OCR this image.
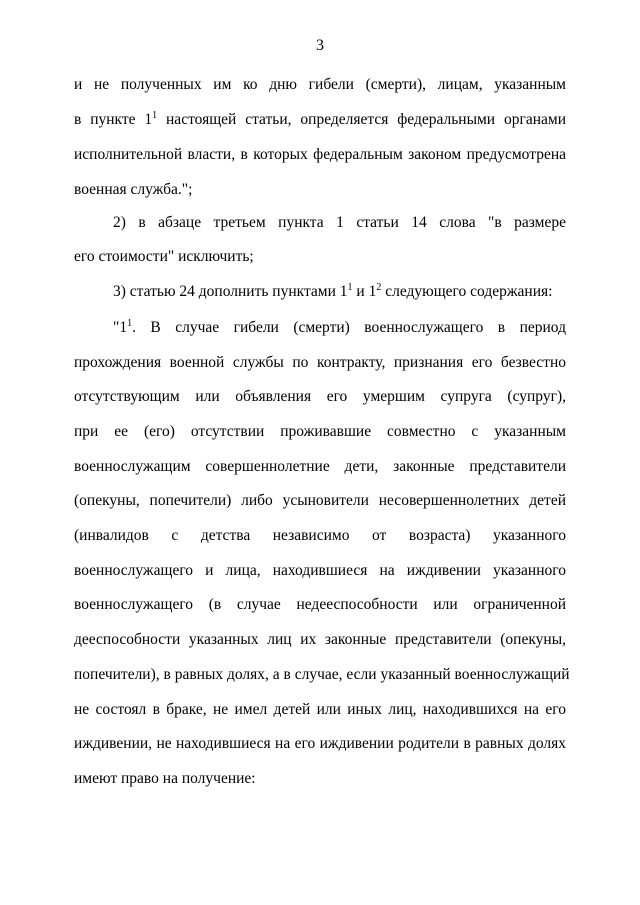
3
и не полученных им ко дню гибели (смерти), лицам, указанным
в пункте $1^1$ настоящей статьи, определяется федеральными органами
исполнительной власти, в которых федеральным законом предусмотрена
военная служба.";
2) в абзаце третьем пункта 1 статьи 14 слова "в размере
его стоимости" исключить;
3) статью 24 дополнить пунктами $1^1$ и $1^2$ следующего содержания:
"$1^1$. В случае гибели (смерти) военнослужащего в период
прохождения военной службы по контракту, признания его безвестно
отсутствующим или объявления его умершим супруга (супруг),
при ее (его) отсутствии проживавшие совместно с указанным
военнослужащим совершеннолетние дети, законные представители
(опекуны, попечители) либо усыновители несовершеннолетних детей
(инвалидов с детства независимо от возраста) указанного
военнослужащего и лица, находившиеся на иждивении указанного
военнослужащего (в случае недееспособности или ограниченной
дееспособности указанных лиц их законные представители (опекуны,
попечители), в равных долях, а в случае, если указанный военнослужащий
не состоял в браке, не имел детей или иных лиц, находившихся на его
иждивении, не находившиеся на его иждивении родители в равных долях
имеют право на получение:
